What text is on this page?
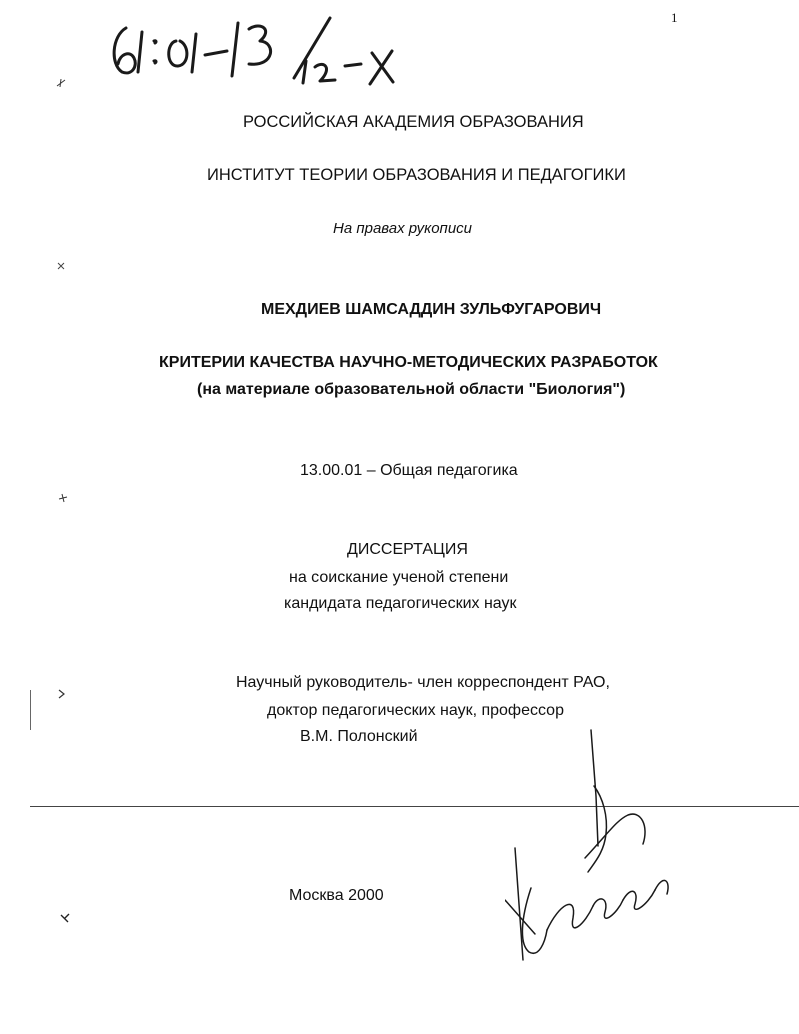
1
РОССИЙСКАЯ АКАДЕМИЯ ОБРАЗОВАНИЯ
ИНСТИТУТ ТЕОРИИ ОБРАЗОВАНИЯ И ПЕДАГОГИКИ
На правах рукописи
МЕХДИЕВ ШАМСАДДИН ЗУЛЬФУГАРОВИЧ
КРИТЕРИИ КАЧЕСТВА НАУЧНО-МЕТОДИЧЕСКИХ РАЗРАБОТОК
(на материале образовательной области "Биология")
13.00.01 – Общая педагогика
ДИССЕРТАЦИЯ
на соискание ученой степени
кандидата педагогических наук
Научный руководитель- член корреспондент РАО,
доктор педагогических наук, профессор
В.М. Полонский
Москва 2000
